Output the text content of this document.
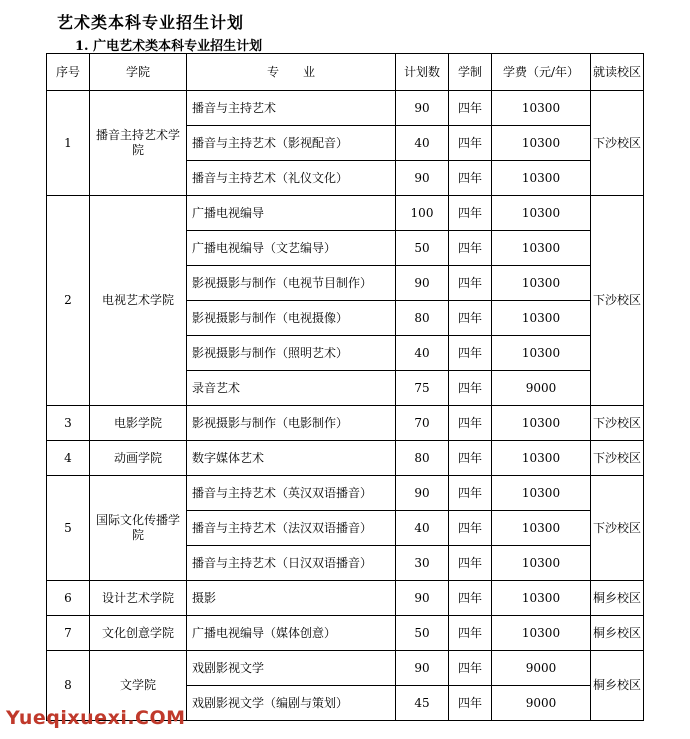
艺术类本科专业招生计划
1. 广电艺术类本科专业招生计划
序号	学院	专　　业	计划数	学制	学费（元/年）	就读校区
1	播音主持艺术学院	播音与主持艺术	90	四年	10300	下沙校区
		播音与主持艺术（影视配音）	40	四年	10300	
		播音与主持艺术（礼仪文化）	90	四年	10300	
2	电视艺术学院	广播电视编导	100	四年	10300	下沙校区
		广播电视编导（文艺编导）	50	四年	10300	
		影视摄影与制作（电视节目制作）	90	四年	10300	
		影视摄影与制作（电视摄像）	80	四年	10300	
		影视摄影与制作（照明艺术）	40	四年	10300	
		录音艺术	75	四年	9000	
3	电影学院	影视摄影与制作（电影制作）	70	四年	10300	下沙校区
4	动画学院	数字媒体艺术	80	四年	10300	下沙校区
5	国际文化传播学院	播音与主持艺术（英汉双语播音）	90	四年	10300	下沙校区
		播音与主持艺术（法汉双语播音）	40	四年	10300	
		播音与主持艺术（日汉双语播音）	30	四年	10300	
6	设计艺术学院	摄影	90	四年	10300	桐乡校区
7	文化创意学院	广播电视编导（媒体创意）	50	四年	10300	桐乡校区
8	文学院	戏剧影视文学	90	四年	9000	桐乡校区
		戏剧影视文学（编剧与策划）	45	四年	9000	
Yueqixuexi.COM
